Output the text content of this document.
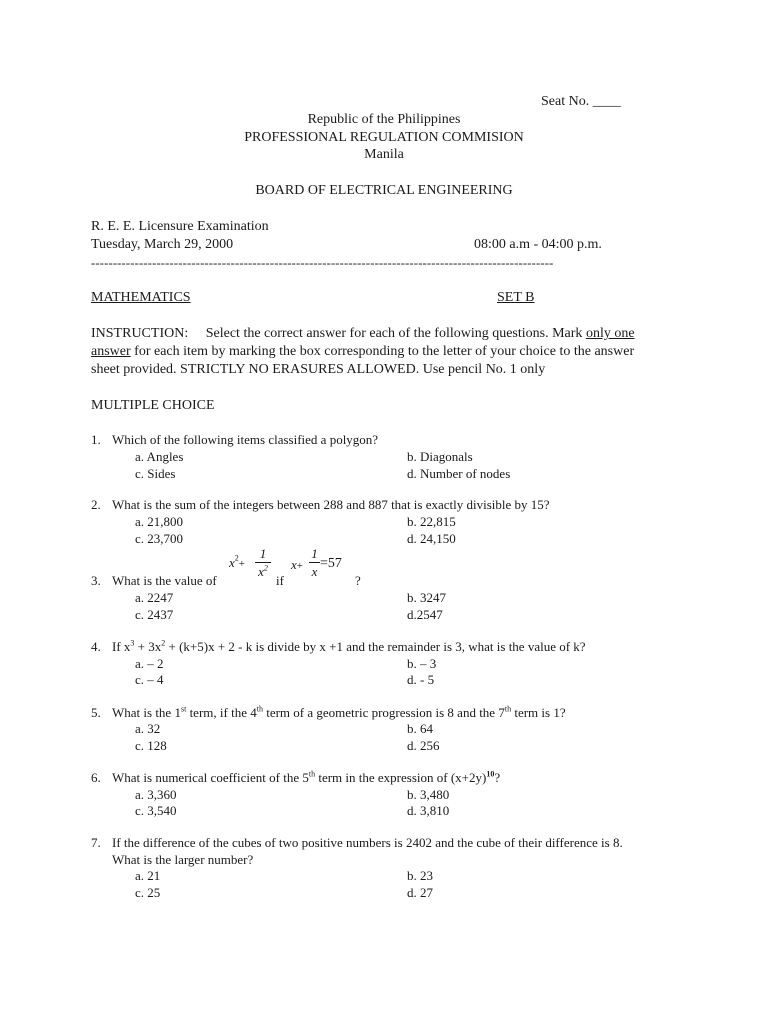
Seat No. ____
Republic of the Philippines
PROFESSIONAL REGULATION COMMISION
Manila
BOARD OF ELECTRICAL ENGINEERING
R. E. E. Licensure Examination
Tuesday, March 29, 2000	08:00 a.m - 04:00 p.m.
----------------------------------------------------------------------------------------------------------
MATHEMATICS	SET B
INSTRUCTION: Select the correct answer for each of the following questions. Mark only one
answer for each item by marking the box corresponding to the letter of your choice to the answer
sheet provided. STRICTLY NO ERASURES ALLOWED. Use pencil No. 1 only
MULTIPLE CHOICE
1. Which of the following items classified a polygon?
a. Angles	b. Diagonals
c. Sides	d. Number of nodes
2. What is the sum of the integers between 288 and 887 that is exactly divisible by 15?
a. 21,800	b. 22,815
c. 23,700	d. 24,150
$x^2+$
1
$x^2$ x+
1
x
=57
3. What is the value of	if	?
a. 2247	b. 3247
c. 2437	d.2547
4. If $x^3 + 3x^2 + (k+5)x + 2 - k$ is divide by x +1 and the remainder is 3, what is the value of k?
a. – 2	b. – 3
c. – 4	d. - 5
5. What is the 1st term, if the 4th term of a geometric progression is 8 and the 7th term is 1?
a. 32	b. 64
c. 128	d. 256
6. What is numerical coefficient of the 5th term in the expression of $(x+2y)^{10}$?
a. 3,360	b. 3,480
c. 3,540	d. 3,810
7. If the difference of the cubes of two positive numbers is 2402 and the cube of their difference is 8.
What is the larger number?
a. 21	b. 23
c. 25	d. 27
